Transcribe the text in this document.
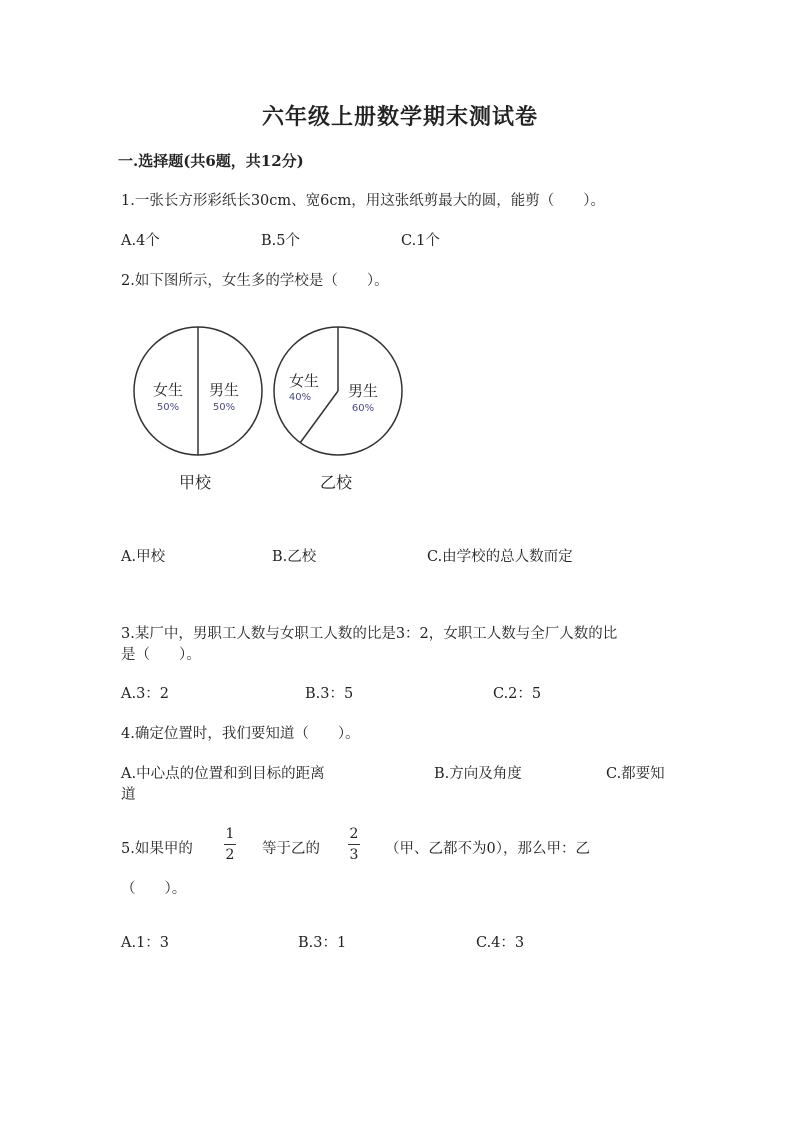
六年级上册数学期末测试卷
一.选择题(共6题，共12分)
1.一张长方形彩纸长30cm、宽6cm，用这张纸剪最大的圆，能剪（　　）。
A.4个	B.5个	C.1个
2.如下图所示，女生多的学校是（　　）。
女生
50%
男生
50%
甲校
女生
40% 男生
60%
乙校
A.甲校	B.乙校	C.由学校的总人数而定
3.某厂中，男职工人数与女职工人数的比是3：2，女职工人数与全厂人数的比
是（　　）。
A.3：2	B.3：5	C.2：5
4.确定位置时，我们要知道（　　）。
A.中心点的位置和到目标的距离	B.方向及角度	C.都要知
道
5.如果甲的
1
2 等于乙的
2
3 （甲、乙都不为0），那么甲：乙
（　　）。
A.1：3	B.3：1	C.4：3
